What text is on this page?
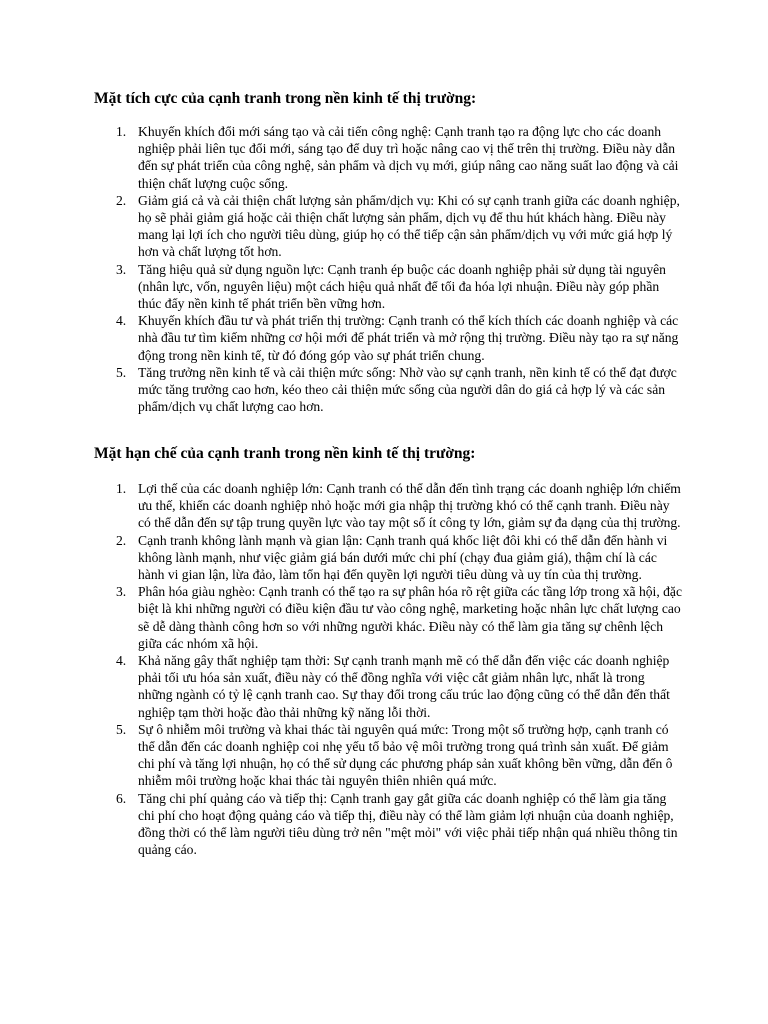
Mặt tích cực của cạnh tranh trong nền kinh tế thị trường:
1. Khuyến khích đổi mới sáng tạo và cải tiến công nghệ: Cạnh tranh tạo ra động lực cho các doanh nghiệp phải liên tục đổi mới, sáng tạo để duy trì hoặc nâng cao vị thế trên thị trường. Điều này dẫn đến sự phát triển của công nghệ, sản phẩm và dịch vụ mới, giúp nâng cao năng suất lao động và cải thiện chất lượng cuộc sống.
2. Giảm giá cả và cải thiện chất lượng sản phẩm/dịch vụ: Khi có sự cạnh tranh giữa các doanh nghiệp, họ sẽ phải giảm giá hoặc cải thiện chất lượng sản phẩm, dịch vụ để thu hút khách hàng. Điều này mang lại lợi ích cho người tiêu dùng, giúp họ có thể tiếp cận sản phẩm/dịch vụ với mức giá hợp lý hơn và chất lượng tốt hơn.
3. Tăng hiệu quả sử dụng nguồn lực: Cạnh tranh ép buộc các doanh nghiệp phải sử dụng tài nguyên (nhân lực, vốn, nguyên liệu) một cách hiệu quả nhất để tối đa hóa lợi nhuận. Điều này góp phần thúc đẩy nền kinh tế phát triển bền vững hơn.
4. Khuyến khích đầu tư và phát triển thị trường: Cạnh tranh có thể kích thích các doanh nghiệp và các nhà đầu tư tìm kiếm những cơ hội mới để phát triển và mở rộng thị trường. Điều này tạo ra sự năng động trong nền kinh tế, từ đó đóng góp vào sự phát triển chung.
5. Tăng trưởng nền kinh tế và cải thiện mức sống: Nhờ vào sự cạnh tranh, nền kinh tế có thể đạt được mức tăng trưởng cao hơn, kéo theo cải thiện mức sống của người dân do giá cả hợp lý và các sản phẩm/dịch vụ chất lượng cao hơn.
Mặt hạn chế của cạnh tranh trong nền kinh tế thị trường:
1. Lợi thế của các doanh nghiệp lớn: Cạnh tranh có thể dẫn đến tình trạng các doanh nghiệp lớn chiếm ưu thế, khiến các doanh nghiệp nhỏ hoặc mới gia nhập thị trường khó có thể cạnh tranh. Điều này có thể dẫn đến sự tập trung quyền lực vào tay một số ít công ty lớn, giảm sự đa dạng của thị trường.
2. Cạnh tranh không lành mạnh và gian lận: Cạnh tranh quá khốc liệt đôi khi có thể dẫn đến hành vi không lành mạnh, như việc giảm giá bán dưới mức chi phí (chạy đua giảm giá), thậm chí là các hành vi gian lận, lừa đảo, làm tổn hại đến quyền lợi người tiêu dùng và uy tín của thị trường.
3. Phân hóa giàu nghèo: Cạnh tranh có thể tạo ra sự phân hóa rõ rệt giữa các tầng lớp trong xã hội, đặc biệt là khi những người có điều kiện đầu tư vào công nghệ, marketing hoặc nhân lực chất lượng cao sẽ dễ dàng thành công hơn so với những người khác. Điều này có thể làm gia tăng sự chênh lệch giữa các nhóm xã hội.
4. Khả năng gây thất nghiệp tạm thời: Sự cạnh tranh mạnh mẽ có thể dẫn đến việc các doanh nghiệp phải tối ưu hóa sản xuất, điều này có thể đồng nghĩa với việc cắt giảm nhân lực, nhất là trong những ngành có tỷ lệ cạnh tranh cao. Sự thay đổi trong cấu trúc lao động cũng có thể dẫn đến thất nghiệp tạm thời hoặc đào thải những kỹ năng lỗi thời.
5. Sự ô nhiễm môi trường và khai thác tài nguyên quá mức: Trong một số trường hợp, cạnh tranh có thể dẫn đến các doanh nghiệp coi nhẹ yếu tố bảo vệ môi trường trong quá trình sản xuất. Để giảm chi phí và tăng lợi nhuận, họ có thể sử dụng các phương pháp sản xuất không bền vững, dẫn đến ô nhiễm môi trường hoặc khai thác tài nguyên thiên nhiên quá mức.
6. Tăng chi phí quảng cáo và tiếp thị: Cạnh tranh gay gắt giữa các doanh nghiệp có thể làm gia tăng chi phí cho hoạt động quảng cáo và tiếp thị, điều này có thể làm giảm lợi nhuận của doanh nghiệp, đồng thời có thể làm người tiêu dùng trở nên "mệt mỏi" với việc phải tiếp nhận quá nhiều thông tin quảng cáo.
